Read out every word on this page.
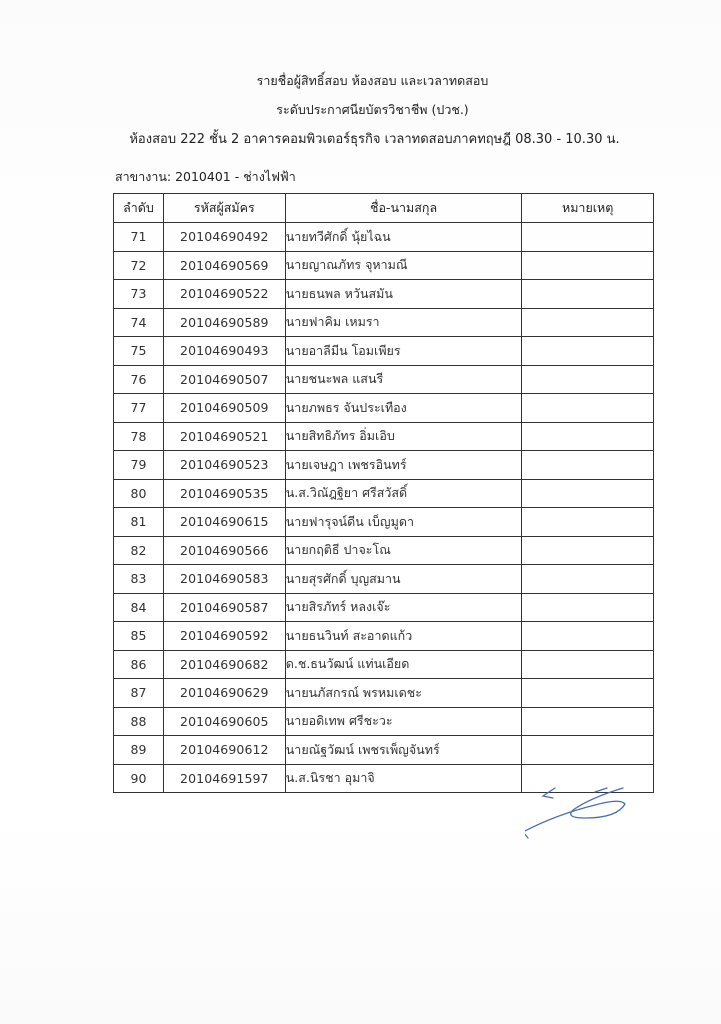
รายชื่อผู้สิทธิ์สอบ ห้องสอบ และเวลาทดสอบ
ระดับประกาศนียบัตรวิชาชีพ (ปวช.)
ห้องสอบ 222 ชั้น 2 อาคารคอมพิวเตอร์ธุรกิจ เวลาทดสอบภาคทฤษฎี 08.30 - 10.30 น.
สาขางาน: 2010401 - ช่างไฟฟ้า
ลำดับ	รหัสผู้สมัคร	ชื่อ-นามสกุล	หมายเหตุ
71	20104690492	นายทวีศักดิ์ นุ้ยไฉน	
72	20104690569	นายญาณภัทร จุหามณี	
73	20104690522	นายธนพล หวันสมัน	
74	20104690589	นายฟาคิม เหมรา	
75	20104690493	นายอาลีมีน โอมเพียร	
76	20104690507	นายชนะพล แสนรี	
77	20104690509	นายภพธร จันประเทือง	
78	20104690521	นายสิทธิภัทร อิ่มเอิบ	
79	20104690523	นายเจษฎา เพชรอินทร์	
80	20104690535	น.ส.วิณัฎฐิยา ศรีสวัสดิ์	
81	20104690615	นายฟารุจน์ดีน เบ็ญมูดา	
82	20104690566	นายกฤติธี ปาจะโณ	
83	20104690583	นายสุรศักดิ์ บุญสมาน	
84	20104690587	นายสิรภัทร์ หลงเจ๊ะ	
85	20104690592	นายธนวินท์ สะอาดแก้ว	
86	20104690682	ด.ช.ธนวัฒน์ แท่นเอียด	
87	20104690629	นายนภัสกรณ์ พรหมเดชะ	
88	20104690605	นายอดิเทพ ศรีชะวะ	
89	20104690612	นายณัฐวัฒน์ เพชรเพ็ญจันทร์	
90	20104691597	น.ส.นิรชา อุมาจิ	
